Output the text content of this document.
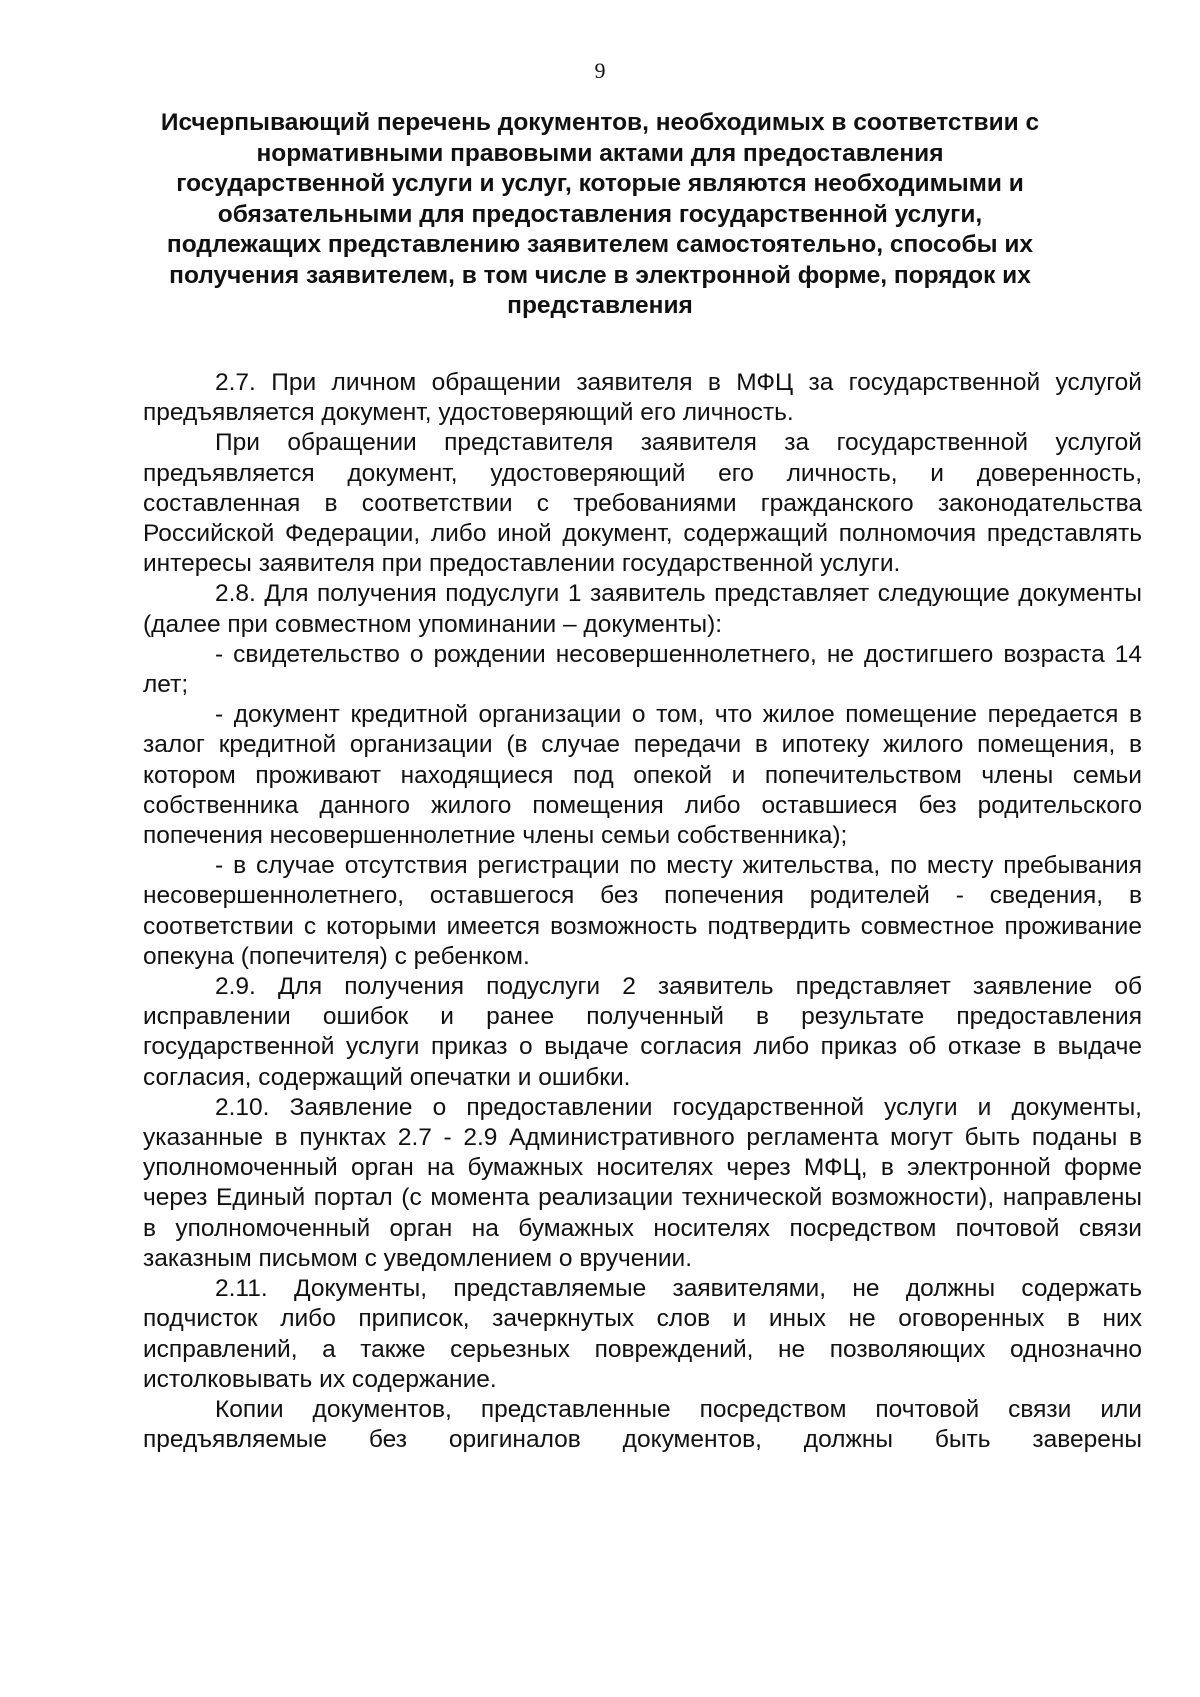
9
Исчерпывающий перечень документов, необходимых в соответствии с нормативными правовыми актами для предоставления государственной услуги и услуг, которые являются необходимыми и обязательными для предоставления государственной услуги, подлежащих представлению заявителем самостоятельно, способы их получения заявителем, в том числе в электронной форме, порядок их представления

2.7. При личном обращении заявителя в МФЦ за государственной услугой предъявляется документ, удостоверяющий его личность.

При обращении представителя заявителя за государственной услугой предъявляется документ, удостоверяющий его личность, и доверенность, составленная в соответствии с требованиями гражданского законодательства Российской Федерации, либо иной документ, содержащий полномочия представлять интересы заявителя при предоставлении государственной услуги.

2.8. Для получения подуслуги 1 заявитель представляет следующие документы (далее при совместном упоминании – документы):

- свидетельство о рождении несовершеннолетнего, не достигшего возраста 14 лет;

- документ кредитной организации о том, что жилое помещение передается в залог кредитной организации (в случае передачи в ипотеку жилого помещения, в котором проживают находящиеся под опекой и попечительством члены семьи собственника данного жилого помещения либо оставшиеся без родительского попечения несовершеннолетние члены семьи собственника);

- в случае отсутствия регистрации по месту жительства, по месту пребывания несовершеннолетнего, оставшегося без попечения родителей - сведения, в соответствии с которыми имеется возможность подтвердить совместное проживание опекуна (попечителя) с ребенком.

2.9. Для получения подуслуги 2 заявитель представляет заявление об исправлении ошибок и ранее полученный в результате предоставления государственной услуги приказ о выдаче согласия либо приказ об отказе в выдаче согласия, содержащий опечатки и ошибки.

2.10. Заявление о предоставлении государственной услуги и документы, указанные в пунктах 2.7 - 2.9 Административного регламента могут быть поданы в уполномоченный орган на бумажных носителях через МФЦ, в электронной форме через Единый портал (с момента реализации технической возможности), направлены в уполномоченный орган на бумажных носителях посредством почтовой связи заказным письмом с уведомлением о вручении.

2.11. Документы, представляемые заявителями, не должны содержать подчисток либо приписок, зачеркнутых слов и иных не оговоренных в них исправлений, а также серьезных повреждений, не позволяющих однозначно истолковывать их содержание.

Копии документов, представленные посредством почтовой связи или предъявляемые без оригиналов документов, должны быть заверены
